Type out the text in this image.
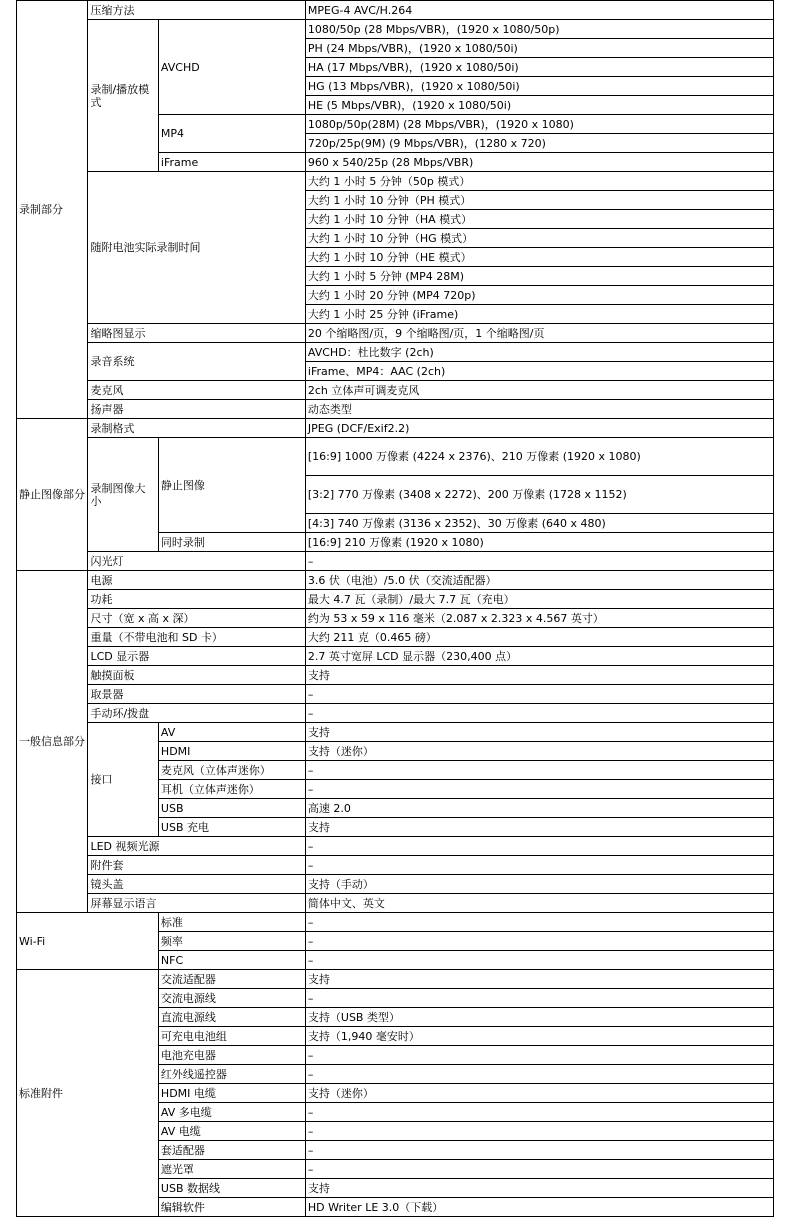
录制部分	压缩方法		MPEG-4 AVC/H.264
	录制/播放模式	AVCHD	1080/50p (28 Mbps/VBR)，(1920 x 1080/50p)
			PH (24 Mbps/VBR)，(1920 x 1080/50i)
			HA (17 Mbps/VBR)，(1920 x 1080/50i)
			HG (13 Mbps/VBR)，(1920 x 1080/50i)
			HE (5 Mbps/VBR)，(1920 x 1080/50i)
		MP4	1080p/50p(28M) (28 Mbps/VBR)，(1920 x 1080)
			720p/25p(9M) (9 Mbps/VBR)，(1280 x 720)
		iFrame	960 x 540/25p (28 Mbps/VBR)
	随附电池实际录制时间		大约 1 小时 5 分钟（50p 模式）
			大约 1 小时 10 分钟（PH 模式）
			大约 1 小时 10 分钟（HA 模式）
			大约 1 小时 10 分钟（HG 模式）
			大约 1 小时 10 分钟（HE 模式）
			大约 1 小时 5 分钟 (MP4 28M)
			大约 1 小时 20 分钟 (MP4 720p)
			大约 1 小时 25 分钟 (iFrame)
	缩略图显示		20 个缩略图/页，9 个缩略图/页，1 个缩略图/页
	录音系统		AVCHD：杜比数字 (2ch)
			iFrame、MP4：AAC (2ch)
	麦克风		2ch 立体声可调麦克风
	扬声器		动态类型
静止图像部分	录制格式		JPEG (DCF/Exif2.2)
	录制图像大小	静止图像	[16:9] 1000 万像素 (4224 x 2376)、210 万像素 (1920 x 1080)

			[3:2] 770 万像素 (3408 x 2272)、200 万像素 (1728 x 1152)

			[4:3] 740 万像素 (3136 x 2352)、30 万像素 (640 x 480)
		同时录制	[16:9] 210 万像素 (1920 x 1080)
	闪光灯		–
一般信息部分	电源		3.6 伏（电池）/5.0 伏（交流适配器）
	功耗		最大 4.7 瓦（录制）/最大 7.7 瓦（充电）
	尺寸（宽 x 高 x 深）		约为 53 x 59 x 116 毫米（2.087 x 2.323 x 4.567 英寸）
	重量（不带电池和 SD 卡）		大约 211 克（0.465 磅）
	LCD 显示器		2.7 英寸宽屏 LCD 显示器（230,400 点）
	触摸面板		支持
	取景器		–
	手动环/拨盘		–
	接口	AV	支持
		HDMI	支持（迷你）
		麦克风（立体声迷你）	–
		耳机（立体声迷你）	–
		USB	高速 2.0
		USB 充电	支持
	LED 视频光源		–
	附件套		–
	镜头盖		支持（手动）
	屏幕显示语言		简体中文、英文
Wi-Fi		标准	–
		频率	–
		NFC	–
标准附件		交流适配器	支持
		交流电源线	–
		直流电源线	支持（USB 类型）
		可充电电池组	支持（1,940 毫安时）
		电池充电器	–
		红外线遥控器	–
		HDMI 电缆	支持（迷你）
		AV 多电缆	–
		AV 电缆	–
		套适配器	–
		遮光罩	–
		USB 数据线	支持
		编辑软件	HD Writer LE 3.0（下载）
